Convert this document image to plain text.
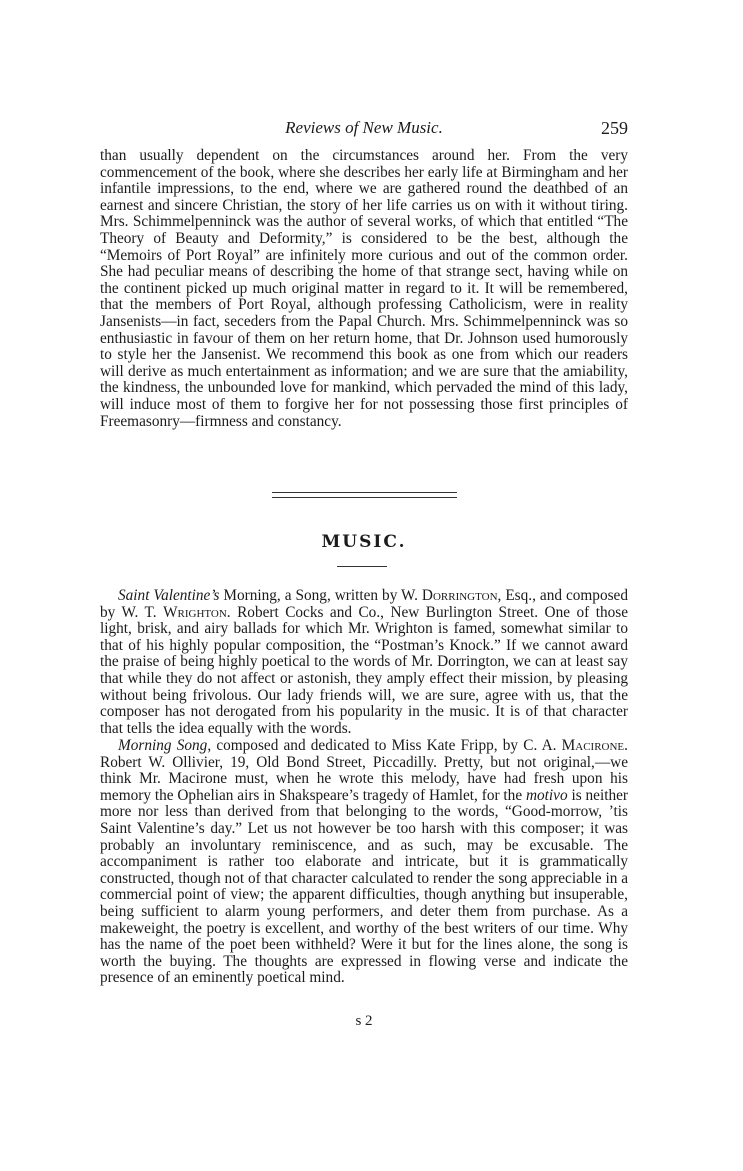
Reviews of New Music.	259

than usually dependent on the circumstances around her. From the very commencement of the book, where she describes her early life at Birmingham and her infantile impressions, to the end, where we are gathered round the deathbed of an earnest and sincere Christian, the story of her life carries us on with it without tiring. Mrs. Schimmelpenninck was the author of several works, of which that entitled “The Theory of Beauty and Deformity,” is considered to be the best, although the “Memoirs of Port Royal” are infinitely more curious and out of the common order. She had peculiar means of describing the home of that strange sect, having while on the continent picked up much original matter in regard to it. It will be remembered, that the members of Port Royal, although professing Catholicism, were in reality Jansenists—in fact, seceders from the Papal Church. Mrs. Schimmelpenninck was so enthusiastic in favour of them on her return home, that Dr. Johnson used humorously to style her the Jansenist. We recommend this book as one from which our readers will derive as much entertainment as information; and we are sure that the amiability, the kindness, the unbounded love for mankind, which pervaded the mind of this lady, will induce most of them to forgive her for not possessing those first principles of Freemasonry—firmness and constancy.

MUSIC.

Saint Valentine’s Morning, a Song, written by W. Dorrington, Esq., and composed by W. T. Wrighton. Robert Cocks and Co., New Burlington Street. One of those light, brisk, and airy ballads for which Mr. Wrighton is famed, somewhat similar to that of his highly popular composition, the “Postman’s Knock.” If we cannot award the praise of being highly poetical to the words of Mr. Dorrington, we can at least say that while they do not affect or astonish, they amply effect their mission, by pleasing without being frivolous. Our lady friends will, we are sure, agree with us, that the composer has not derogated from his popularity in the music. It is of that character that tells the idea equally with the words.

Morning Song, composed and dedicated to Miss Kate Fripp, by C. A. Macirone. Robert W. Ollivier, 19, Old Bond Street, Piccadilly. Pretty, but not original,—we think Mr. Macirone must, when he wrote this melody, have had fresh upon his memory the Ophelian airs in Shakspeare’s tragedy of Hamlet, for the motivo is neither more nor less than derived from that belonging to the words, “Good-morrow, ’tis Saint Valentine’s day.” Let us not however be too harsh with this composer; it was probably an involuntary reminiscence, and as such, may be excusable. The accompaniment is rather too elaborate and intricate, but it is grammatically constructed, though not of that character calculated to render the song appreciable in a commercial point of view; the apparent difficulties, though anything but insuperable, being sufficient to alarm young performers, and deter them from purchase. As a makeweight, the poetry is excellent, and worthy of the best writers of our time. Why has the name of the poet been withheld? Were it but for the lines alone, the song is worth the buying. The thoughts are expressed in flowing verse and indicate the presence of an eminently poetical mind.

s 2
